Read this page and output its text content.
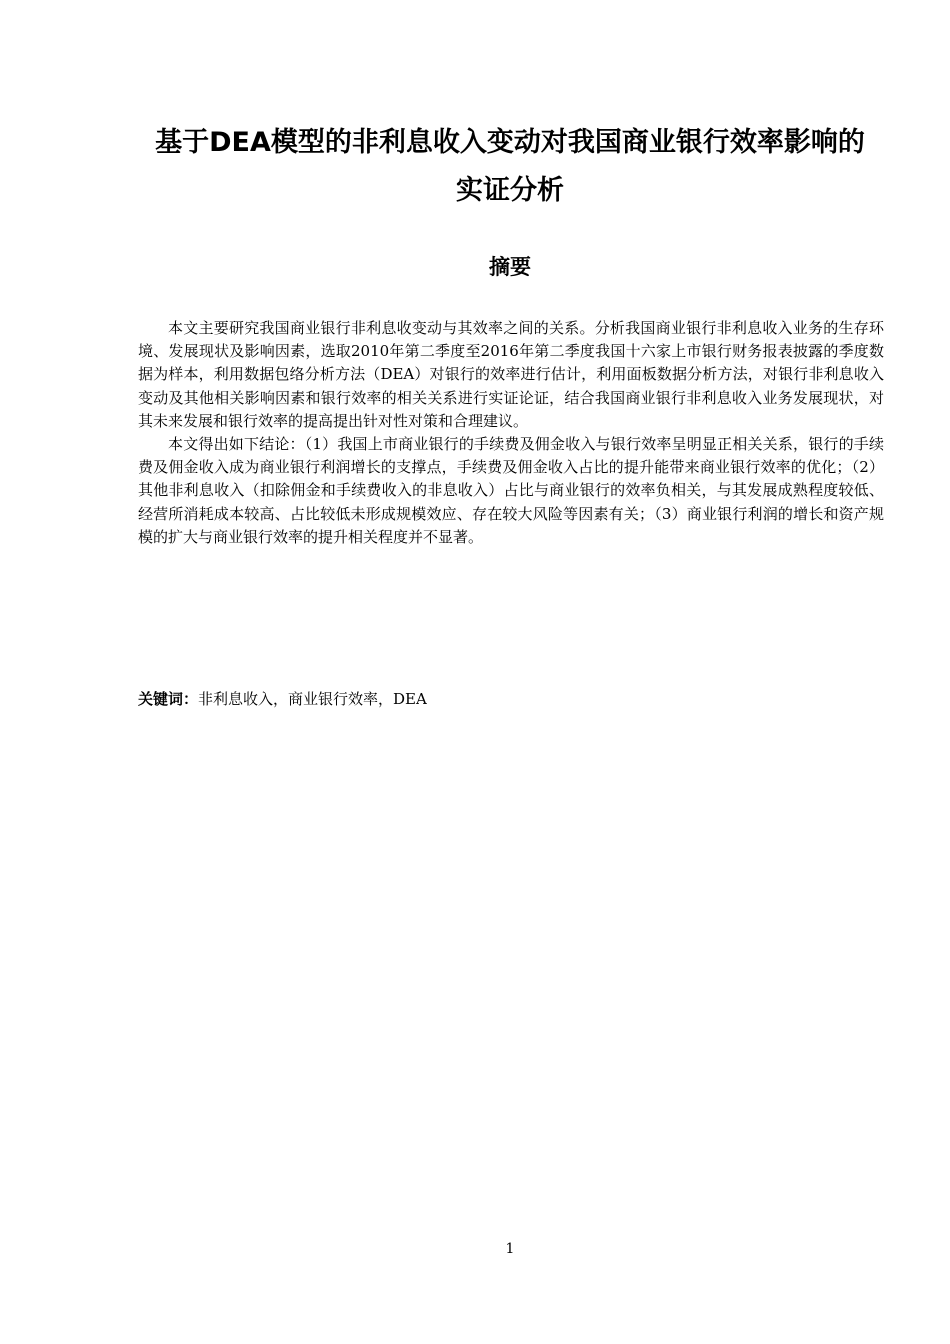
基于DEA模型的非利息收入变动对我国商业银行效率影响的
实证分析
摘要

本文主要研究我国商业银行非利息收变动与其效率之间的关系。分析我国商业银行非利息收入业务的生存环境、发展现状及影响因素，选取2010年第二季度至2016年第二季度我国十六家上市银行财务报表披露的季度数据为样本，利用数据包络分析方法（DEA）对银行的效率进行估计，利用面板数据分析方法，对银行非利息收入变动及其他相关影响因素和银行效率的相关关系进行实证论证，结合我国商业银行非利息收入业务发展现状，对其未来发展和银行效率的提高提出针对性对策和合理建议。

本文得出如下结论：（1）我国上市商业银行的手续费及佣金收入与银行效率呈明显正相关关系，银行的手续费及佣金收入成为商业银行利润增长的支撑点，手续费及佣金收入占比的提升能带来商业银行效率的优化；（2）其他非利息收入（扣除佣金和手续费收入的非息收入）占比与商业银行的效率负相关，与其发展成熟程度较低、经营所消耗成本较高、占比较低未形成规模效应、存在较大风险等因素有关；（3）商业银行利润的增长和资产规模的扩大与商业银行效率的提升相关程度并不显著。

关键词：非利息收入，商业银行效率，DEA
1
